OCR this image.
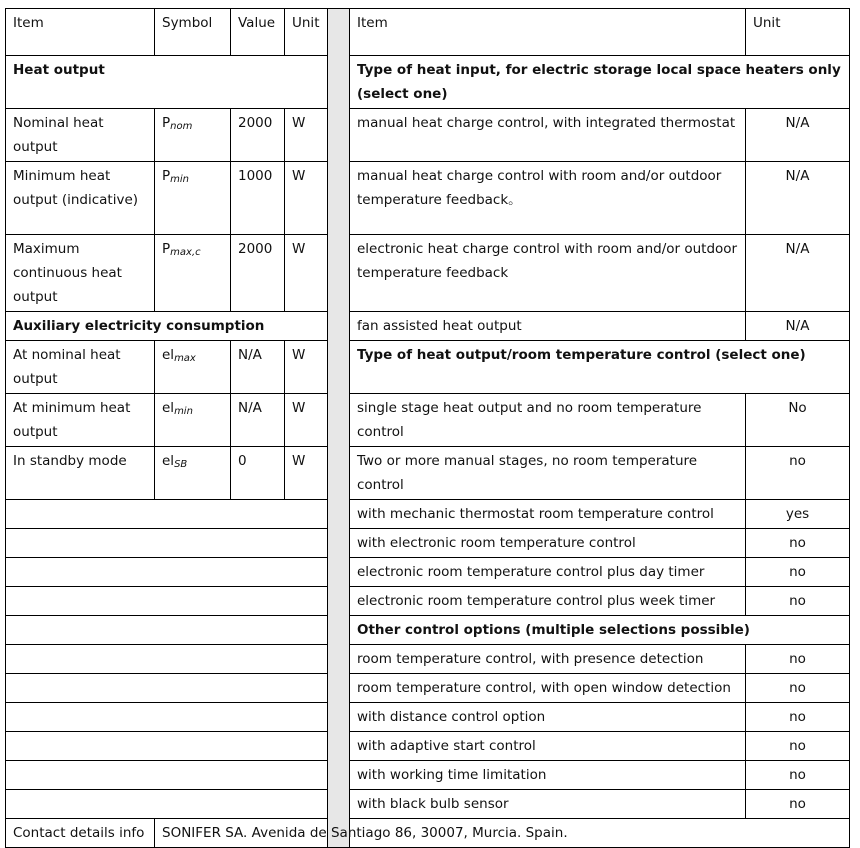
Item	Symbol	Value	Unit		Item	Unit
Heat output					Type of heat input, for electric storage local space heaters only (select one)	
Nominal heat output	$P_{nom}$	2000	W		manual heat charge control, with integrated thermostat	N/A
Minimum heat output (indicative)	$P_{min}$	1000	W		manual heat charge control with room and/or outdoor temperature feedback。	N/A
Maximum continuous heat output	$P_{max,c}$	2000	W		electronic heat charge control with room and/or outdoor temperature feedback	N/A
Auxiliary electricity consumption					fan assisted heat output	N/A
At nominal heat output	$el_{max}$	N/A	W		Type of heat output/room temperature control (select one)	
At minimum heat output	$el_{min}$	N/A	W		single stage heat output and no room temperature control	No
In standby mode	$el_{SB}$	0	W		Two or more manual stages, no room temperature control	no
					with mechanic thermostat room temperature control	yes
					with electronic room temperature control	no
					electronic room temperature control plus day timer	no
					electronic room temperature control plus week timer	no
					Other control options (multiple selections possible)	
					room temperature control, with presence detection	no
					room temperature control, with open window detection	no
					with distance control option	no
					with adaptive start control	no
					with working time limitation	no
					with black bulb sensor	no
Contact details info	SONIFER SA. Avenida de Santiago 86, 30007, Murcia. Spain.					
